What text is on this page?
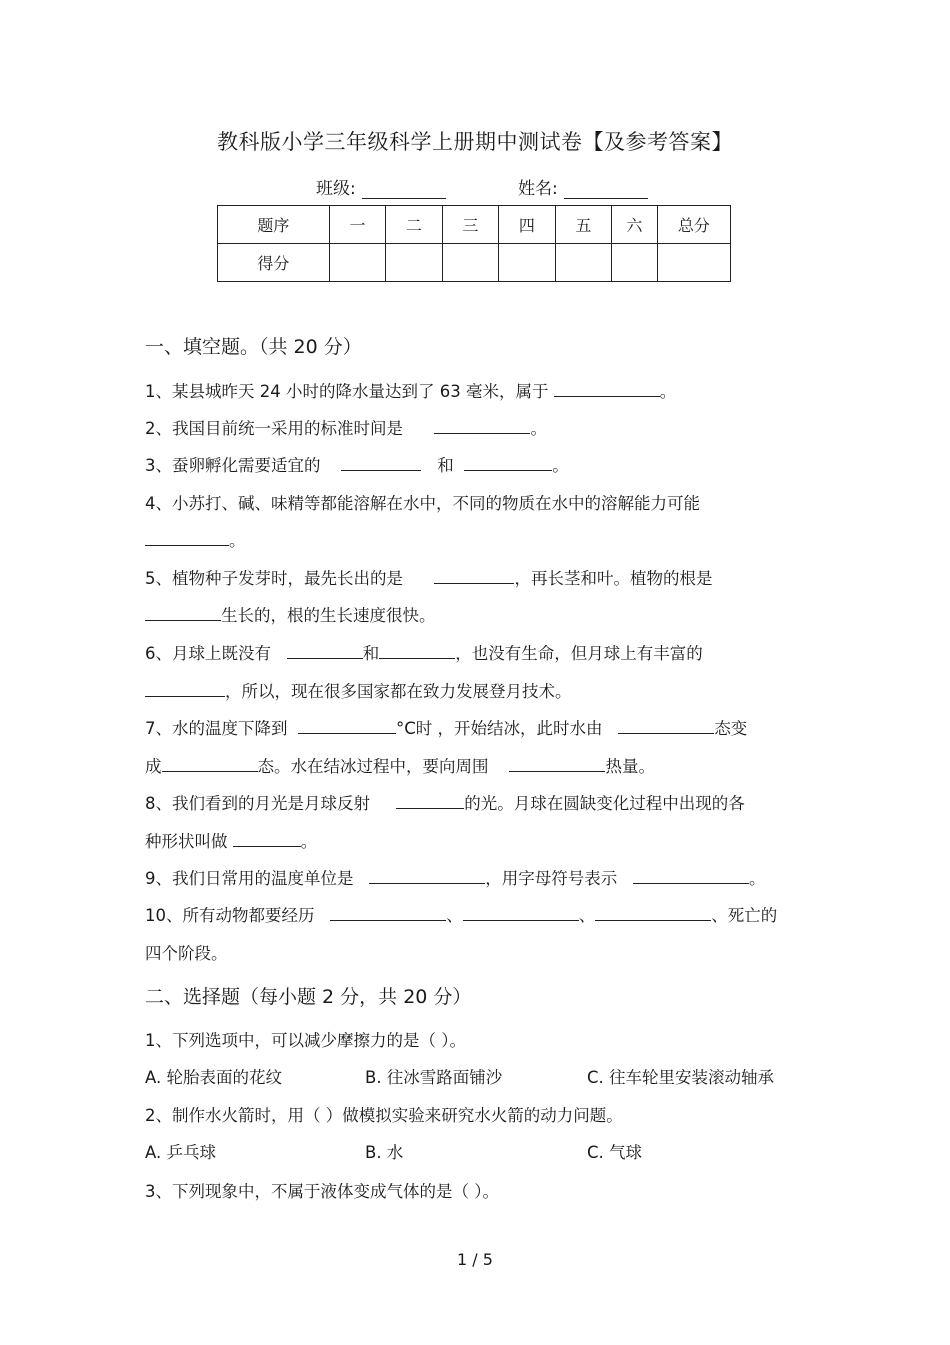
教科版小学三年级科学上册期中测试卷【及参考答案】
班级:	姓名:
题序	一	二	三	四	五	六	总分
得分							
一、填空题。（共 20 分）
1、某县城昨天 24 小时的降水量达到了 63 毫米，属于	。
2、我国目前统一采用的标准时间是	。
3、蚕卵孵化需要适宜的	和	。
4、小苏打、碱、味精等都能溶解在水中，不同的物质在水中的溶解能力可能
。
5、植物种子发芽时，最先长出的是	，再长茎和叶。植物的根是
生长的，根的生长速度很快。
6、月球上既没有	和	，也没有生命，但月球上有丰富的
，所以，现在很多国家都在致力发展登月技术。
7、水的温度下降到	°C时 ，开始结冰，此时水由	态变
成	态。水在结冰过程中，要向周围	热量。
8、我们看到的月光是月球反射	的光。月球在圆缺变化过程中出现的各
种形状叫做	。
9、我们日常用的温度单位是	，用字母符号表示	。
10、所有动物都要经历	、	、	、死亡的
四个阶段。
二、选择题（每小题 2 分，共 20 分）
1、下列选项中，可以减少摩擦力的是（ ）。
A. 轮胎表面的花纹	B. 往冰雪路面铺沙	C. 往车轮里安装滚动轴承
2、制作水火箭时，用（ ）做模拟实验来研究水火箭的动力问题。
A. 乒乓球	B. 水	C. 气球
3、下列现象中，不属于液体变成气体的是（ ）。
1 / 5
